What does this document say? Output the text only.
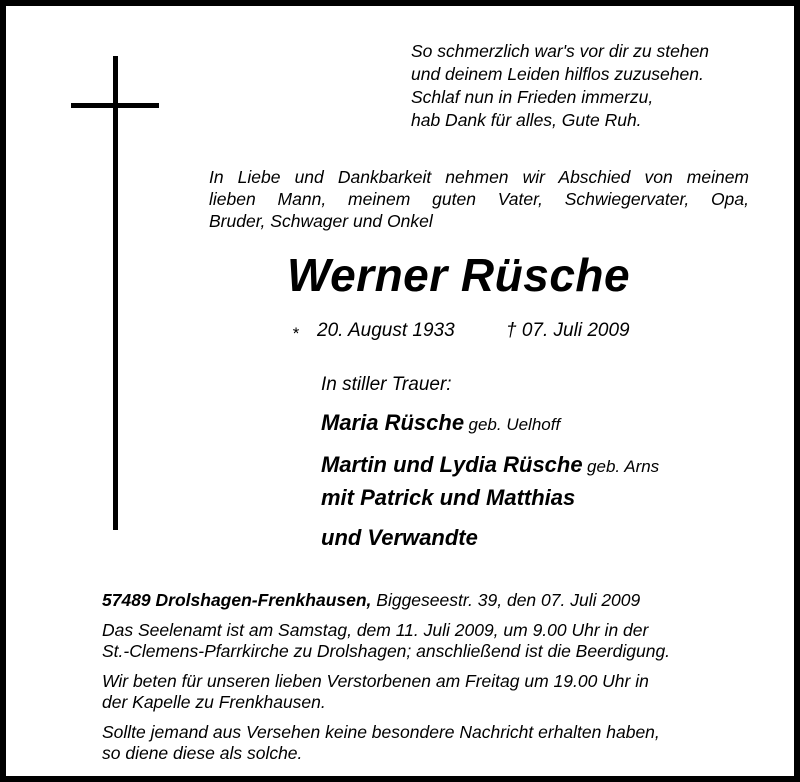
So schmerzlich war's vor dir zu stehen
und deinem Leiden hilflos zuzusehen.
Schlaf nun in Frieden immerzu,
hab Dank für alles, Gute Ruh.
In Liebe und Dankbarkeit nehmen wir Abschied von meinem
lieben Mann, meinem guten Vater, Schwiegervater, Opa,
Bruder, Schwager und Onkel
Werner Rüsche
* 20. August 1933	† 07. Juli 2009
In stiller Trauer:
Maria Rüsche geb. Uelhoff
Martin und Lydia Rüsche geb. Arns
mit Patrick und Matthias
und Verwandte

57489 Drolshagen-Frenkhausen, Biggeseestr. 39, den 07. Juli 2009

Das Seelenamt ist am Samstag, dem 11. Juli 2009, um 9.00 Uhr in der
St.-Clemens-Pfarrkirche zu Drolshagen; anschließend ist die Beerdigung.

Wir beten für unseren lieben Verstorbenen am Freitag um 19.00 Uhr in
der Kapelle zu Frenkhausen.

Sollte jemand aus Versehen keine besondere Nachricht erhalten haben,
so diene diese als solche.
